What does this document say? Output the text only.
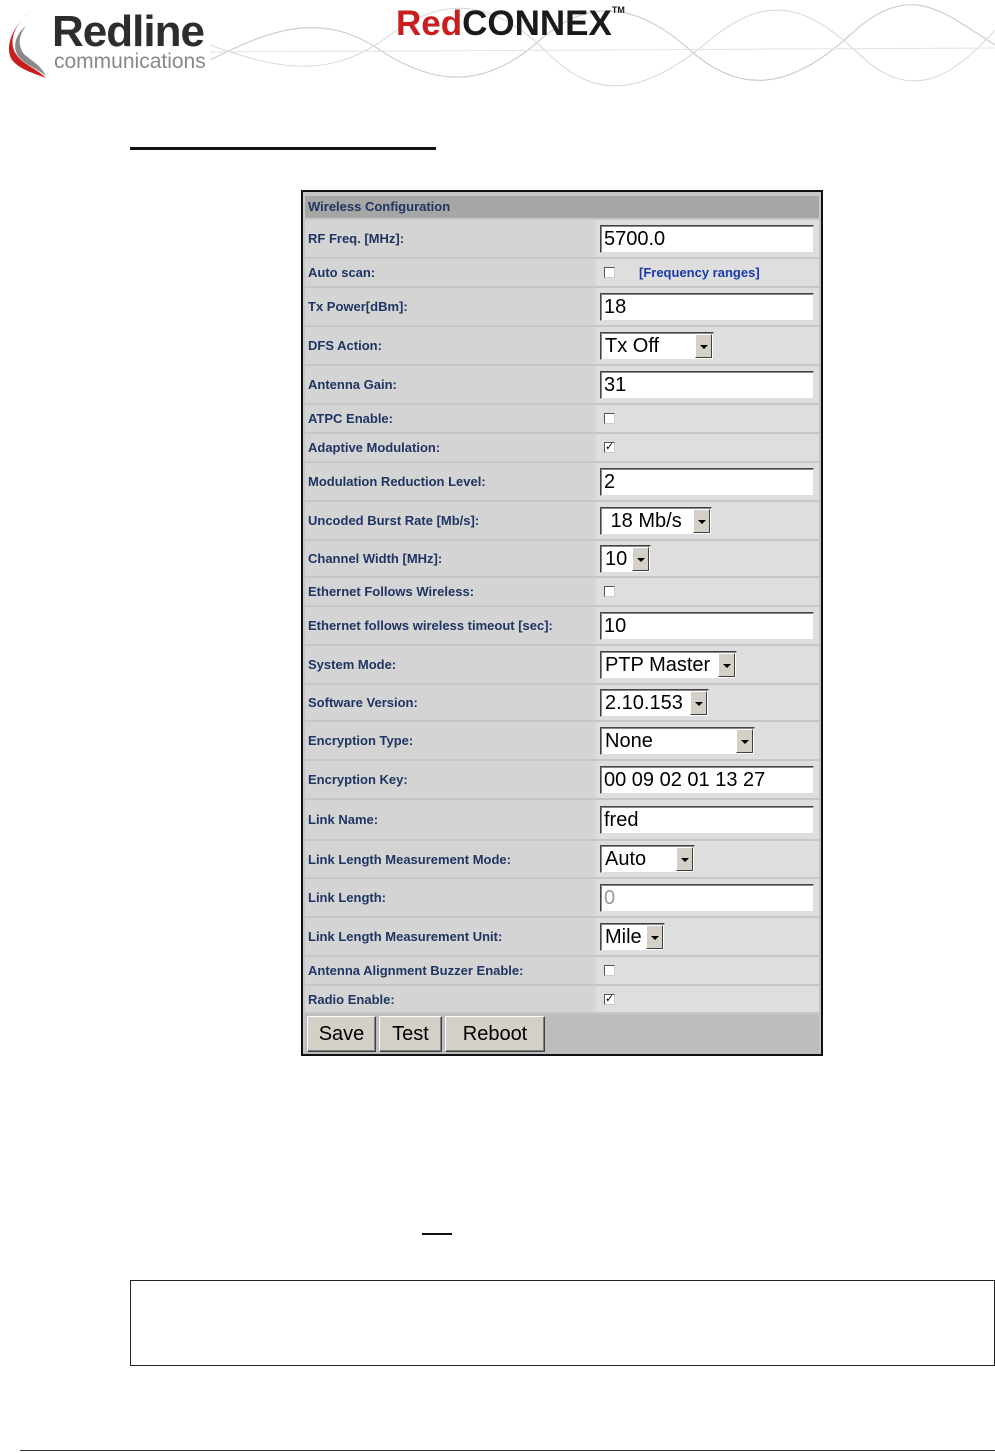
Redline
communications
RedCONNEX™
Wireless Configuration
RF Freq. [MHz]:	5700.0
Auto scan:	[Frequency ranges]
Tx Power[dBm]:	18
DFS Action:	Tx Off
Antenna Gain:	31
ATPC Enable:
Adaptive Modulation:	✓
Modulation Reduction Level:	2
Uncoded Burst Rate [Mb/s]:	18 Mb/s
Channel Width [MHz]:	10
Ethernet Follows Wireless:
Ethernet follows wireless timeout [sec]:	10
System Mode:	PTP Master
Software Version:	2.10.153
Encryption Type:	None
Encryption Key:	00 09 02 01 13 27
Link Name:	fred
Link Length Measurement Mode:	Auto
Link Length:	0
Link Length Measurement Unit:	Mile
Antenna Alignment Buzzer Enable:
Radio Enable:	✓
Save	Test	Reboot
